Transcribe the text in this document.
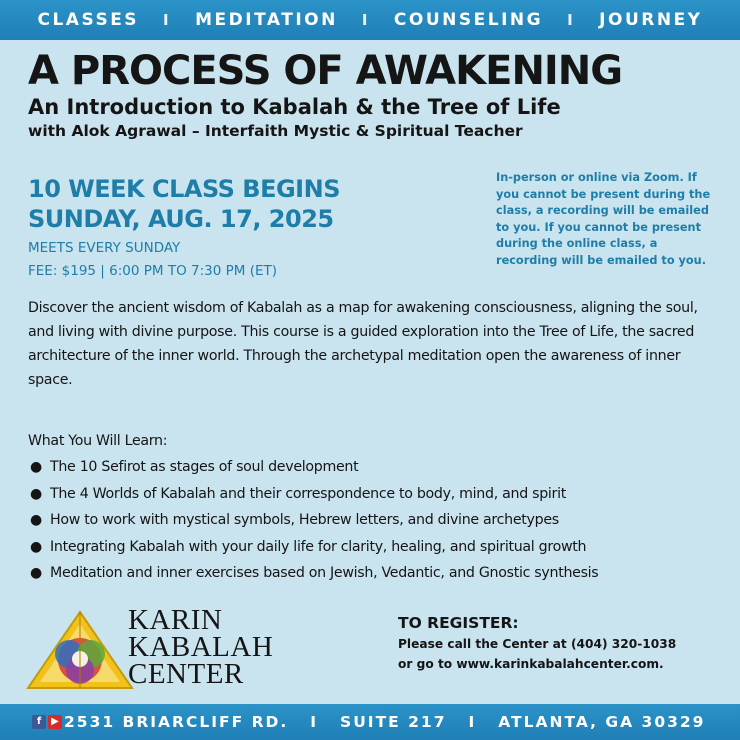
CLASSES I MEDITATION I COUNSELING I JOURNEY
A PROCESS OF AWAKENING
An Introduction to Kabalah & the Tree of Life
with Alok Agrawal – Interfaith Mystic & Spiritual Teacher
10 WEEK CLASS BEGINS
SUNDAY, AUG. 17, 2025
MEETS EVERY SUNDAY
FEE: $195 | 6:00 PM TO 7:30 PM (ET)
In-person or online via Zoom. If you cannot be present during the class, a recording will be emailed to you. If you cannot be present during the online class, a recording will be emailed to you.
Discover the ancient wisdom of Kabalah as a map for awakening consciousness, aligning the soul, and living with divine purpose. This course is a guided exploration into the Tree of Life, the sacred architecture of the inner world. Through the archetypal meditation open the awareness of inner space.
What You Will Learn:
● The 10 Sefirot as stages of soul development
● The 4 Worlds of Kabalah and their correspondence to body, mind, and spirit
● How to work with mystical symbols, Hebrew letters, and divine archetypes
● Integrating Kabalah with your daily life for clarity, healing, and spiritual growth
● Meditation and inner exercises based on Jewish, Vedantic, and Gnostic synthesis
KARIN
KABALAH
CENTER
TO REGISTER:
Please call the Center at (404) 320-1038
or go to www.karinkabalahcenter.com.
f ▶ 2531 BRIARCLIFF RD. I SUITE 217 I ATLANTA, GA 30329
